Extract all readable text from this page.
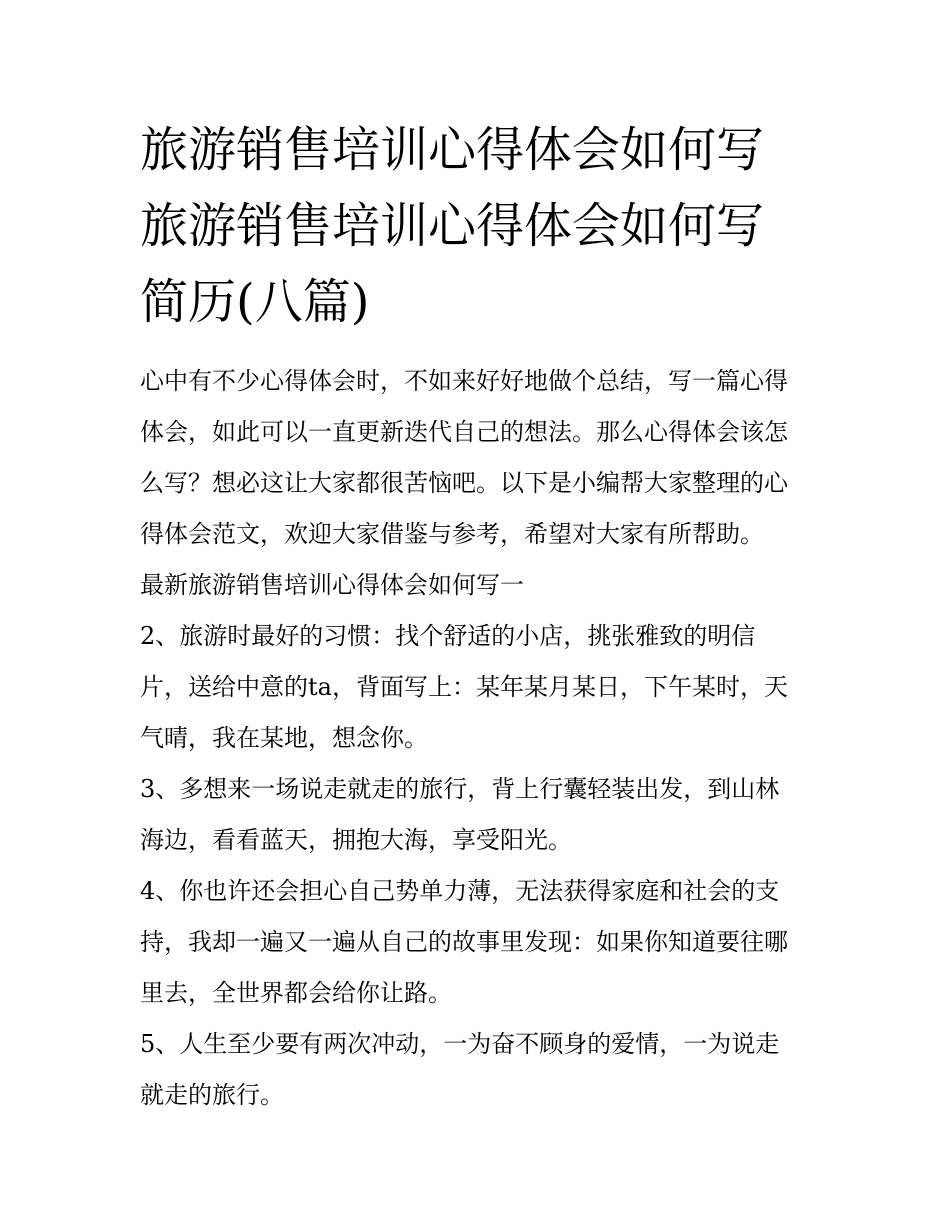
旅游销售培训心得体会如何写
旅游销售培训心得体会如何写
简历(八篇)

心中有不少心得体会时，不如来好好地做个总结，写一篇心得
体会，如此可以一直更新迭代自己的想法。那么心得体会该怎
么写？想必这让大家都很苦恼吧。以下是小编帮大家整理的心
得体会范文，欢迎大家借鉴与参考，希望对大家有所帮助。

最新旅游销售培训心得体会如何写一

2、旅游时最好的习惯：找个舒适的小店，挑张雅致的明信
片，送给中意的ta，背面写上：某年某月某日，下午某时，天
气晴，我在某地，想念你。

3、多想来一场说走就走的旅行，背上行囊轻装出发，到山林
海边，看看蓝天，拥抱大海，享受阳光。

4、你也许还会担心自己势单力薄，无法获得家庭和社会的支
持，我却一遍又一遍从自己的故事里发现：如果你知道要往哪
里去，全世界都会给你让路。

5、人生至少要有两次冲动，一为奋不顾身的爱情，一为说走
就走的旅行。
